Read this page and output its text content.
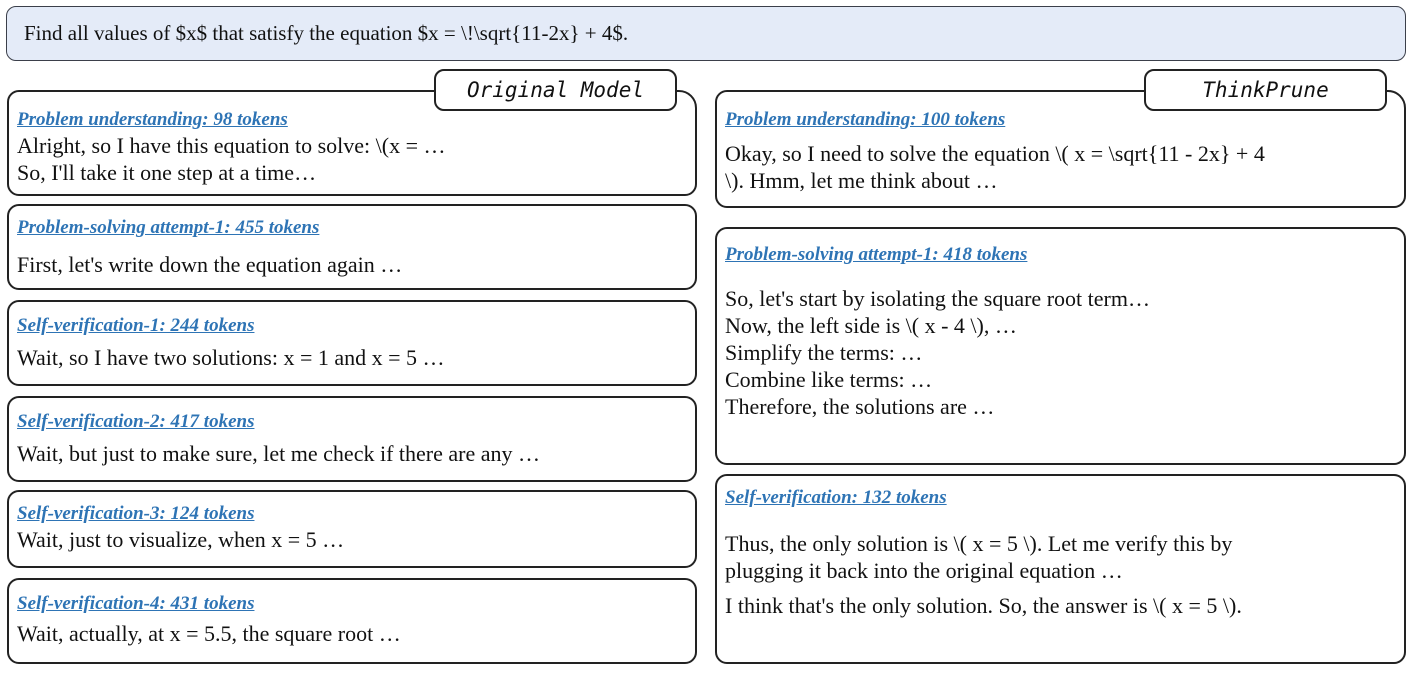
Find all values of $x$ that satisfy the equation $x = \!\sqrt{11-2x} + 4$.
Problem understanding: 98 tokens
Alright, so I have this equation to solve: \(x = …
So, I'll take it one step at a time…
Original Model
Problem-solving attempt-1: 455 tokens
First, let's write down the equation again …
Self-verification-1: 244 tokens
Wait, so I have two solutions: x = 1 and x = 5 …
Self-verification-2: 417 tokens
Wait, but just to make sure, let me check if there are any …
Self-verification-3: 124 tokens
Wait, just to visualize, when x = 5 …
Self-verification-4: 431 tokens
Wait, actually, at x = 5.5, the square root …
Problem understanding: 100 tokens
Okay, so I need to solve the equation \( x = \sqrt{11 - 2x} + 4
\). Hmm, let me think about …
ThinkPrune
Problem-solving attempt-1: 418 tokens
So, let's start by isolating the square root term…
Now, the left side is \( x - 4 \), …
Simplify the terms: …
Combine like terms: …
Therefore, the solutions are …
Self-verification: 132 tokens
Thus, the only solution is \( x = 5 \). Let me verify this by
plugging it back into the original equation …
I think that's the only solution. So, the answer is \( x = 5 \).
